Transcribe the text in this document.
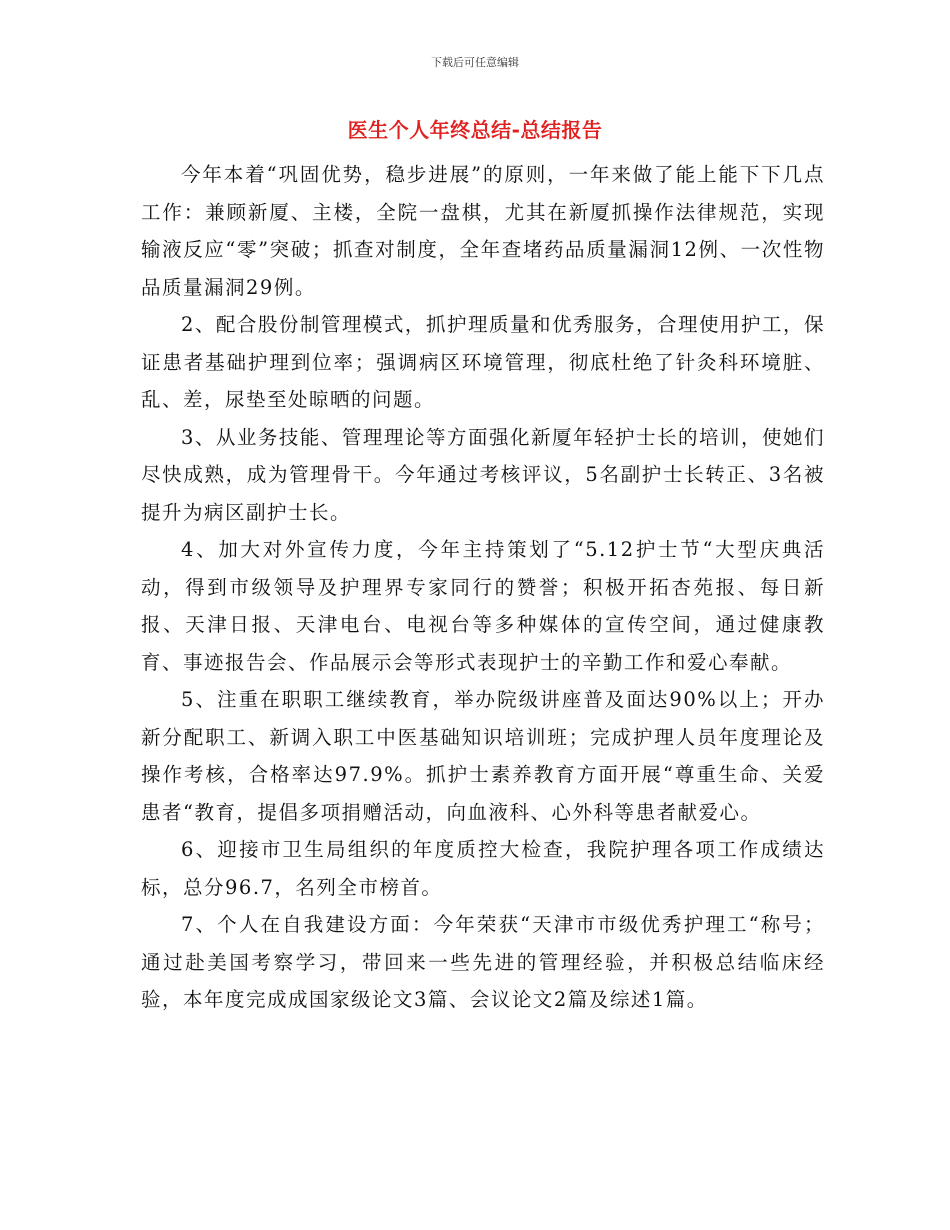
下载后可任意编辑
医生个人年终总结-总结报告

今年本着“巩固优势，稳步进展”的原则，一年来做了能上能下下几点工作：兼顾新厦、主楼，全院一盘棋，尤其在新厦抓操作法律规范，实现输液反应“零”突破；抓查对制度，全年查堵药品质量漏洞12例、一次性物品质量漏洞29例。

2、配合股份制管理模式，抓护理质量和优秀服务，合理使用护工，保证患者基础护理到位率；强调病区环境管理，彻底杜绝了针灸科环境脏、乱、差，尿垫至处晾晒的问题。

3、从业务技能、管理理论等方面强化新厦年轻护士长的培训，使她们尽快成熟，成为管理骨干。今年通过考核评议，5名副护士长转正、3名被提升为病区副护士长。

4、加大对外宣传力度，今年主持策划了“5.12护士节“大型庆典活动，得到市级领导及护理界专家同行的赞誉；积极开拓杏苑报、每日新报、天津日报、天津电台、电视台等多种媒体的宣传空间，通过健康教育、事迹报告会、作品展示会等形式表现护士的辛勤工作和爱心奉献。

5、注重在职职工继续教育，举办院级讲座普及面达90%以上；开办新分配职工、新调入职工中医基础知识培训班；完成护理人员年度理论及操作考核，合格率达97.9%。抓护士素养教育方面开展“尊重生命、关爱患者“教育，提倡多项捐赠活动，向血液科、心外科等患者献爱心。

6、迎接市卫生局组织的年度质控大检查，我院护理各项工作成绩达标，总分96.7，名列全市榜首。

7、个人在自我建设方面：今年荣获“天津市市级优秀护理工“称号；通过赴美国考察学习，带回来一些先进的管理经验，并积极总结临床经验，本年度完成成国家级论文3篇、会议论文2篇及综述1篇。
